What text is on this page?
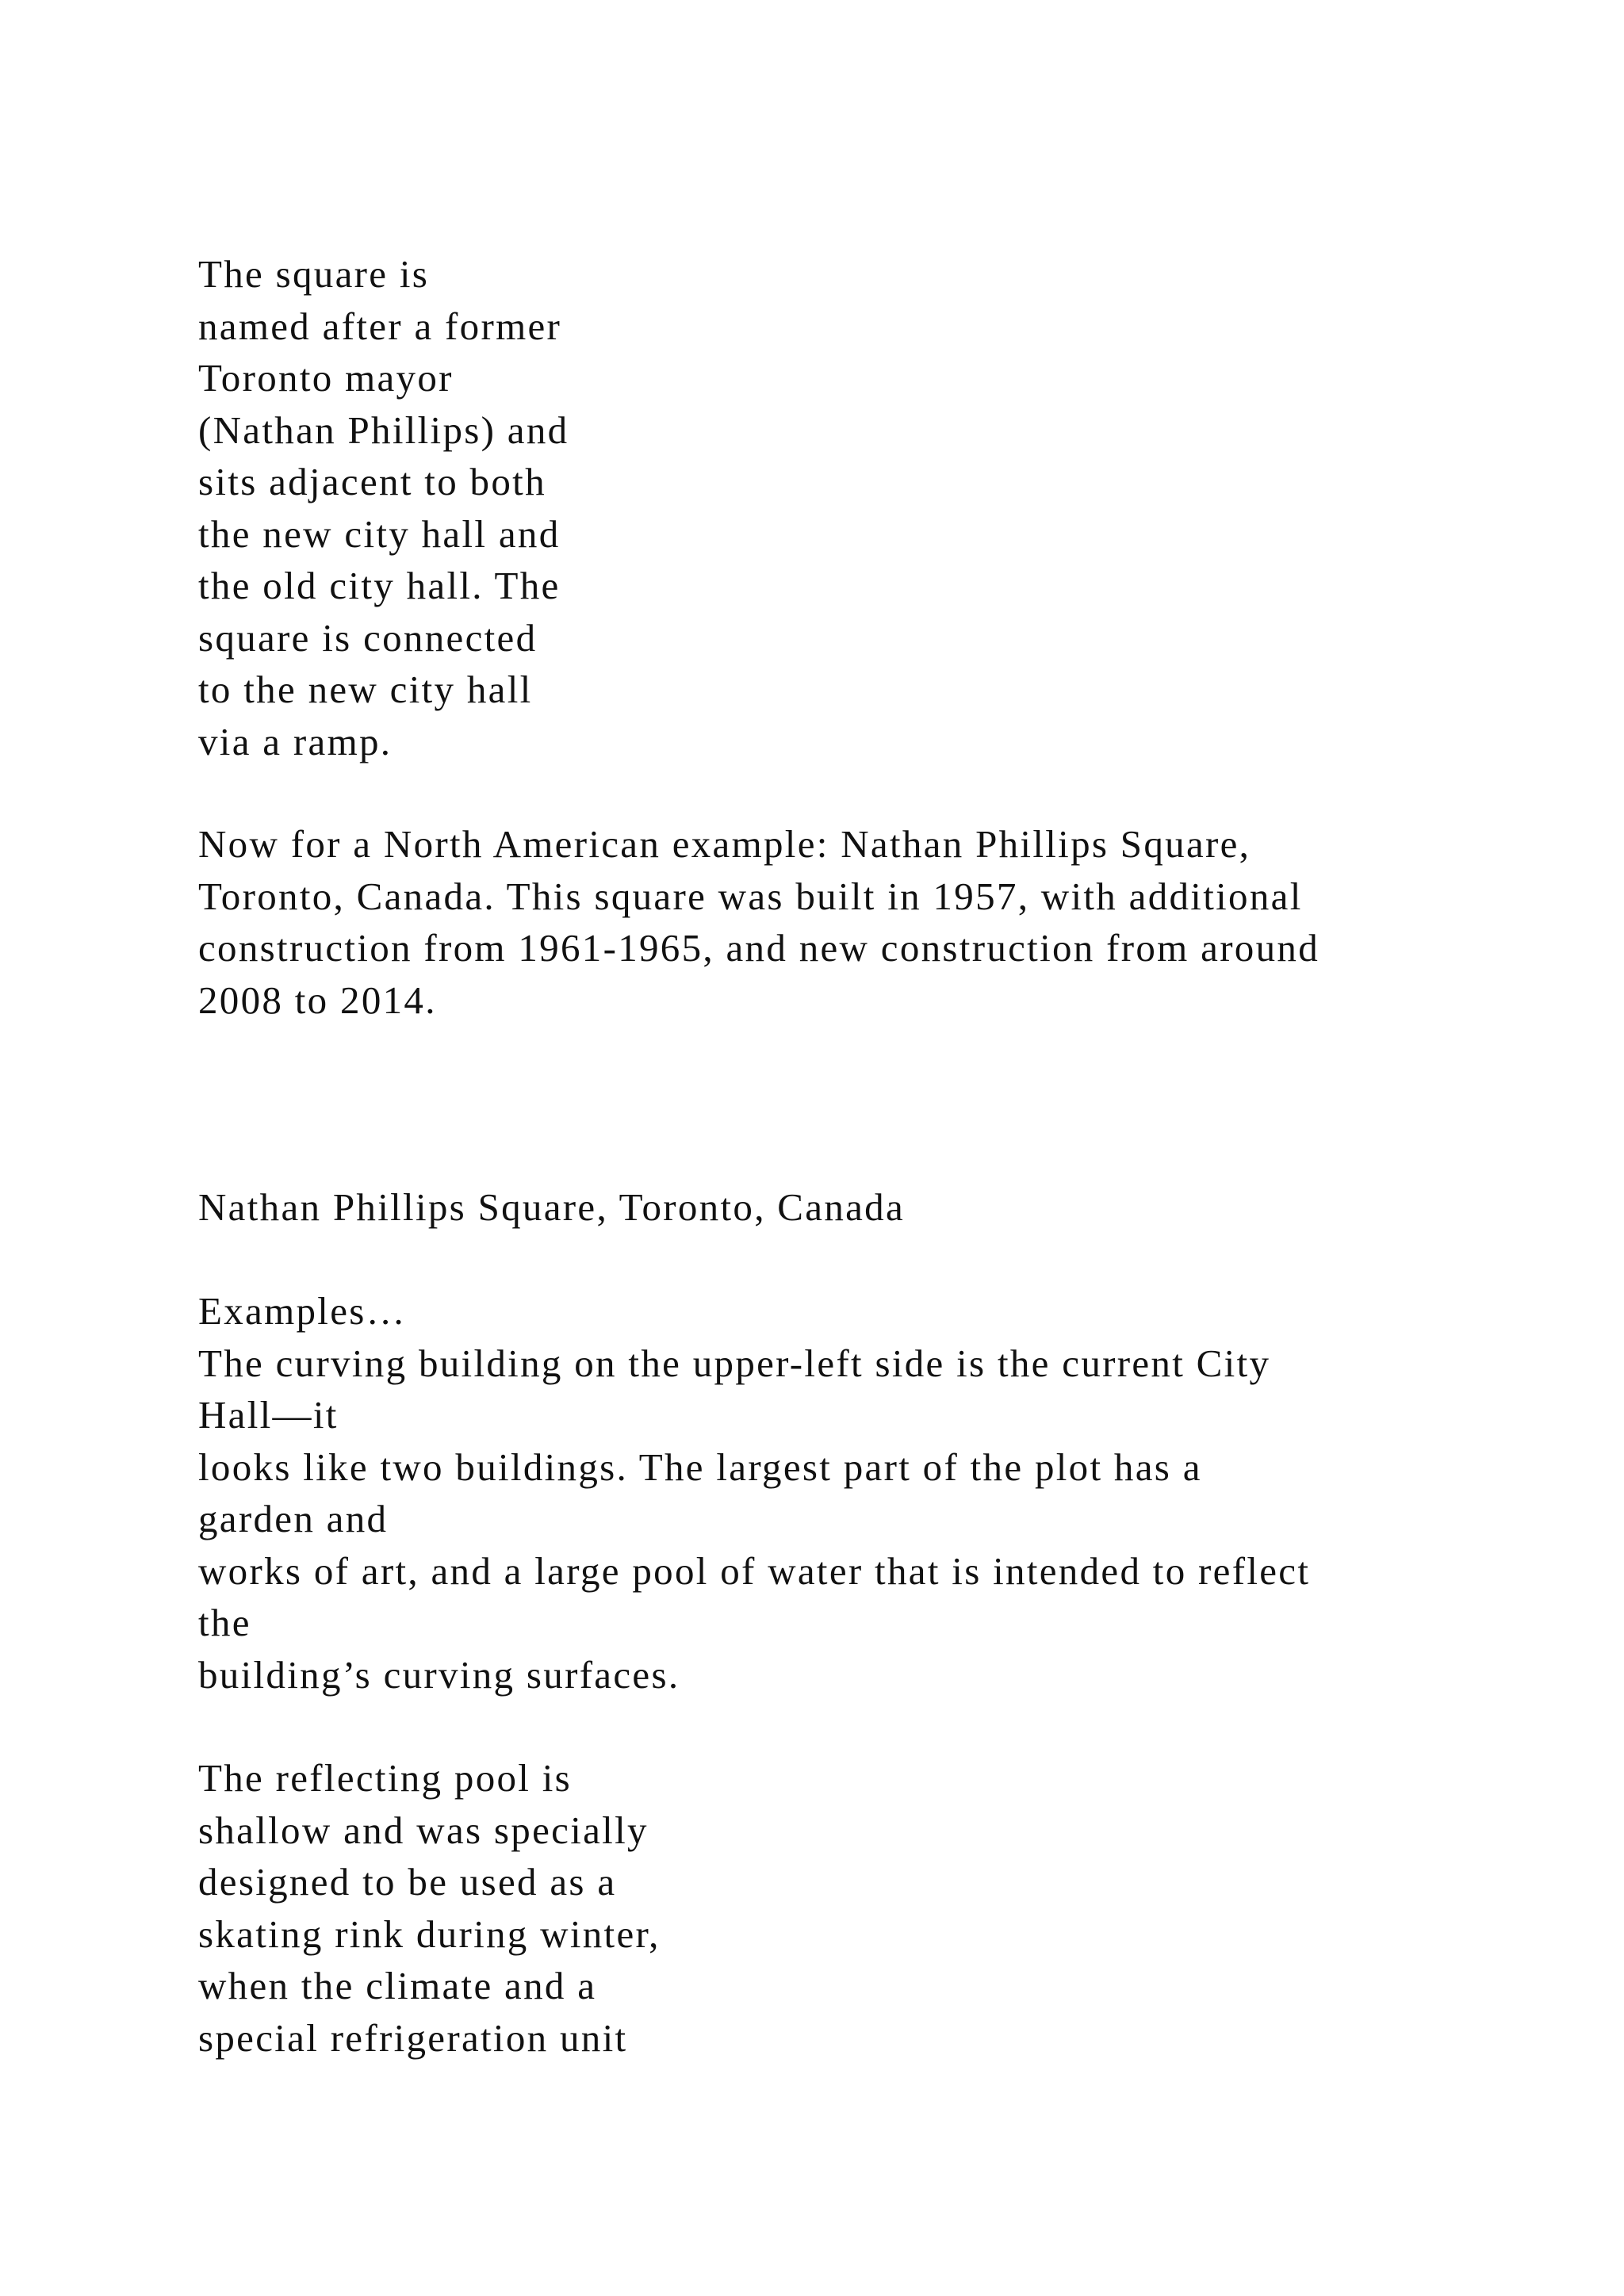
The square is
named after a former
Toronto mayor
(Nathan Phillips) and
sits adjacent to both
the new city hall and
the old city hall. The
square is connected
to the new city hall
via a ramp.

Now for a North American example: Nathan Phillips Square,
Toronto, Canada. This square was built in 1957, with additional
construction from 1961-1965, and new construction from around
2008 to 2014.

Nathan Phillips Square, Toronto, Canada

Examples…
The curving building on the upper-left side is the current City
Hall—it
looks like two buildings. The largest part of the plot has a
garden and
works of art, and a large pool of water that is intended to reflect
the
building’s curving surfaces.

The reflecting pool is
shallow and was specially
designed to be used as a
skating rink during winter,
when the climate and a
special refrigeration unit
